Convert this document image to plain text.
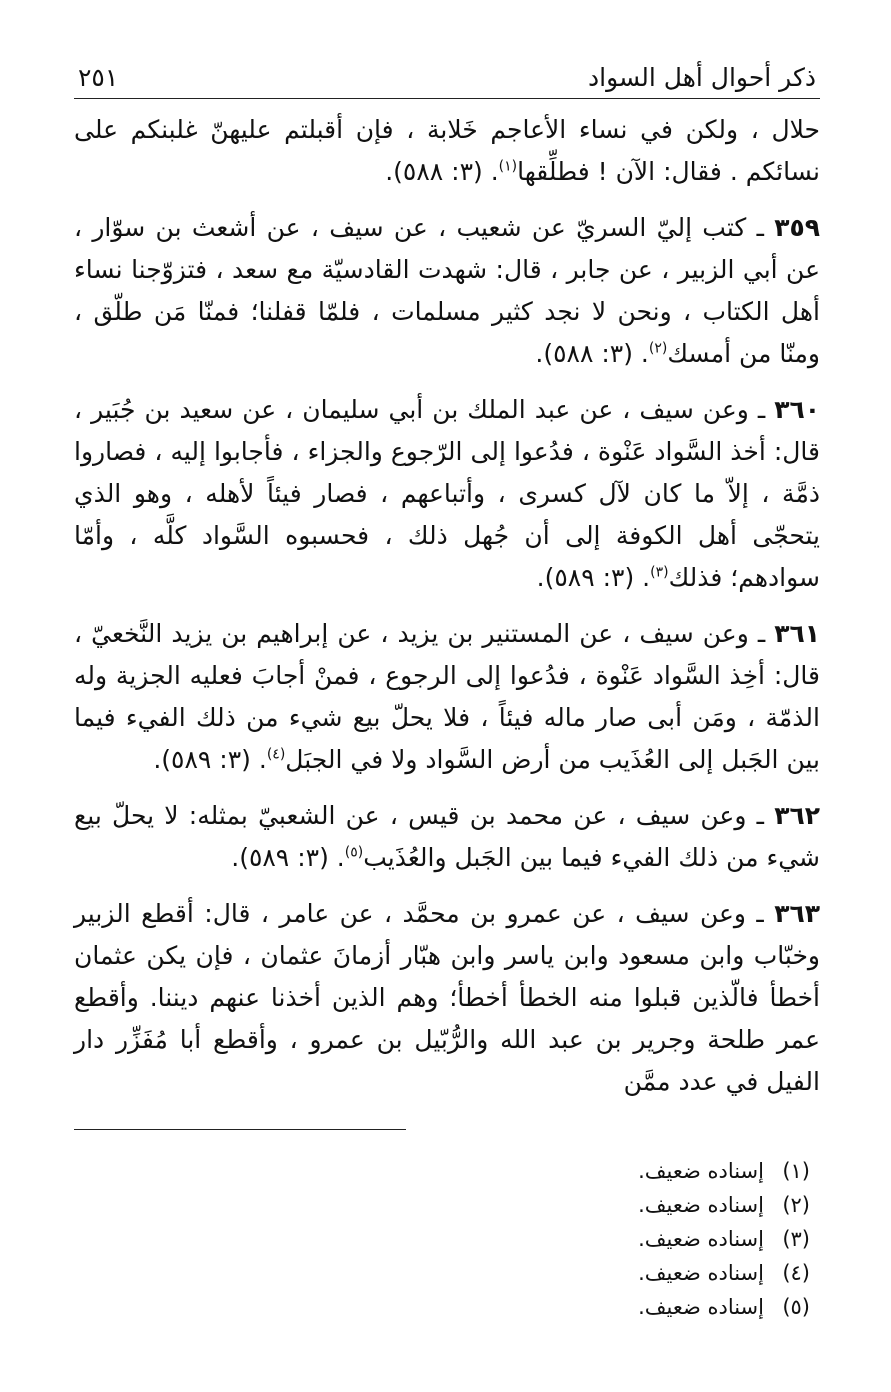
ذكر أحوال أهل السواد
٢٥١

حلال ، ولكن في نساء الأعاجم خَلابة ، فإن أقبلتم عليهنّ غلبنكم على نسائكم . فقال: الآن ! فطلِّقها$^{(١)}$. (٣: ٥٨٨).

٣٥٩ ـ كتب إليّ السريّ عن شعيب ، عن سيف ، عن أشعث بن سوّار ، عن أبي الزبير ، عن جابر ، قال: شهدت القادسيّة مع سعد ، فتزوّجنا نساء أهل الكتاب ، ونحن لا نجد كثير مسلمات ، فلمّا قفلنا؛ فمنّا مَن طلّق ، ومنّا من أمسك$^{(٢)}$. (٣: ٥٨٨).

٣٦٠ ـ وعن سيف ، عن عبد الملك بن أبي سليمان ، عن سعيد بن جُبَير ، قال: أخذ السَّواد عَنْوة ، فدُعوا إلى الرّجوع والجزاء ، فأجابوا إليه ، فصاروا ذمَّة ، إلاّ ما كان لآل كسرى ، وأتباعهم ، فصار فيئاً لأهله ، وهو الذي يتحجّى أهل الكوفة إلى أن جُهل ذلك ، فحسبوه السَّواد كلَّه ، وأمّا سوادهم؛ فذلك$^{(٣)}$. (٣: ٥٨٩).

٣٦١ ـ وعن سيف ، عن المستنير بن يزيد ، عن إبراهيم بن يزيد النَّخعيّ ، قال: أخِذ السَّواد عَنْوة ، فدُعوا إلى الرجوع ، فمنْ أجابَ فعليه الجزية وله الذمّة ، ومَن أبى صار ماله فيئاً ، فلا يحلّ بيع شيء من ذلك الفيء فيما بين الجَبل إلى العُذَيب من أرض السَّواد ولا في الجبَل$^{(٤)}$. (٣: ٥٨٩).

٣٦٢ ـ وعن سيف ، عن محمد بن قيس ، عن الشعبيّ بمثله: لا يحلّ بيع شيء من ذلك الفيء فيما بين الجَبل والعُذَيب$^{(٥)}$. (٣: ٥٨٩).

٣٦٣ ـ وعن سيف ، عن عمرو بن محمَّد ، عن عامر ، قال: أقطع الزبير وخبّاب وابن مسعود وابن ياسر وابن هبّار أزمانَ عثمان ، فإن يكن عثمان أخطأ فالّذين قبلوا منه الخطأ أخطأ؛ وهم الذين أخذنا عنهم ديننا. وأقطع عمر طلحة وجرير بن عبد الله والرُّبّيل بن عمرو ، وأقطع أبا مُفَزِّر دار الفيل في عدد ممَّن

(١)إسناده ضعيف.
(٢)إسناده ضعيف.
(٣)إسناده ضعيف.
(٤)إسناده ضعيف.
(٥)إسناده ضعيف.
